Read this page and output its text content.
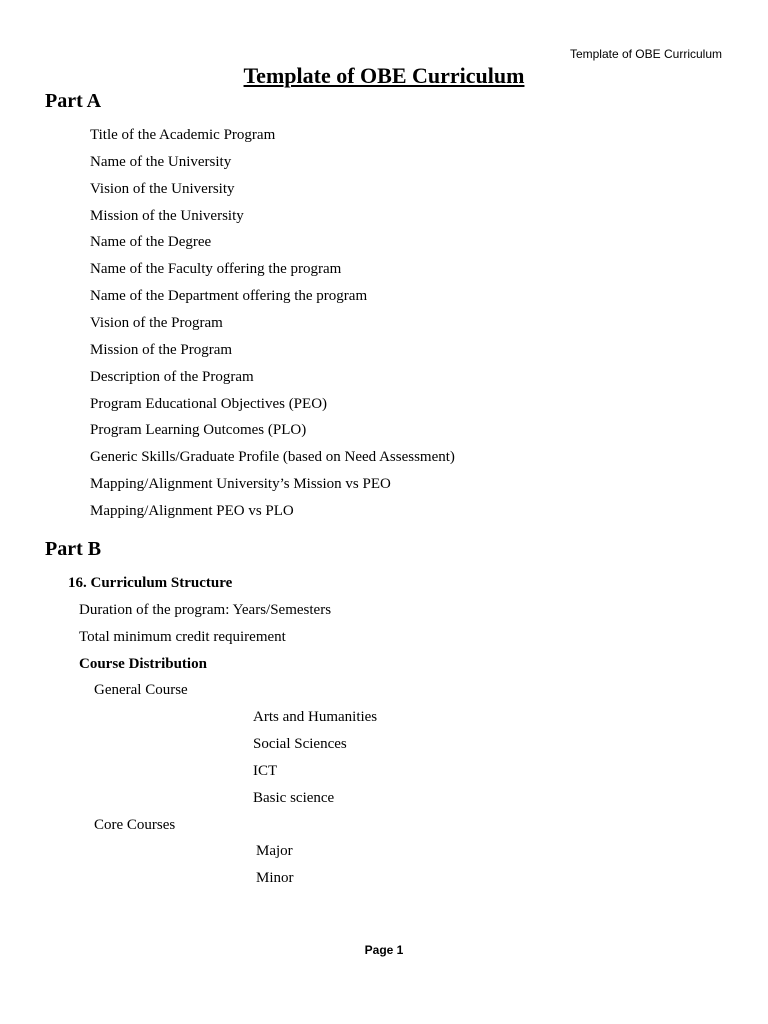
Template of OBE Curriculum
Template of OBE Curriculum
Part A
Title of the Academic Program
Name of the University
Vision of the University
Mission of the University
Name of the Degree
Name of the Faculty offering the program
Name of the Department offering the program
Vision of the Program
Mission of the Program
Description of the Program
Program Educational Objectives (PEO)
Program Learning Outcomes (PLO)
Generic Skills/Graduate Profile (based on Need Assessment)
Mapping/Alignment University’s Mission vs PEO
Mapping/Alignment PEO vs PLO
Part B
16. Curriculum Structure
Duration of the program: Years/Semesters
Total minimum credit requirement
Course Distribution
General Course
Arts and Humanities
Social Sciences
ICT
Basic science
Core Courses
Major
Minor
Page 1
